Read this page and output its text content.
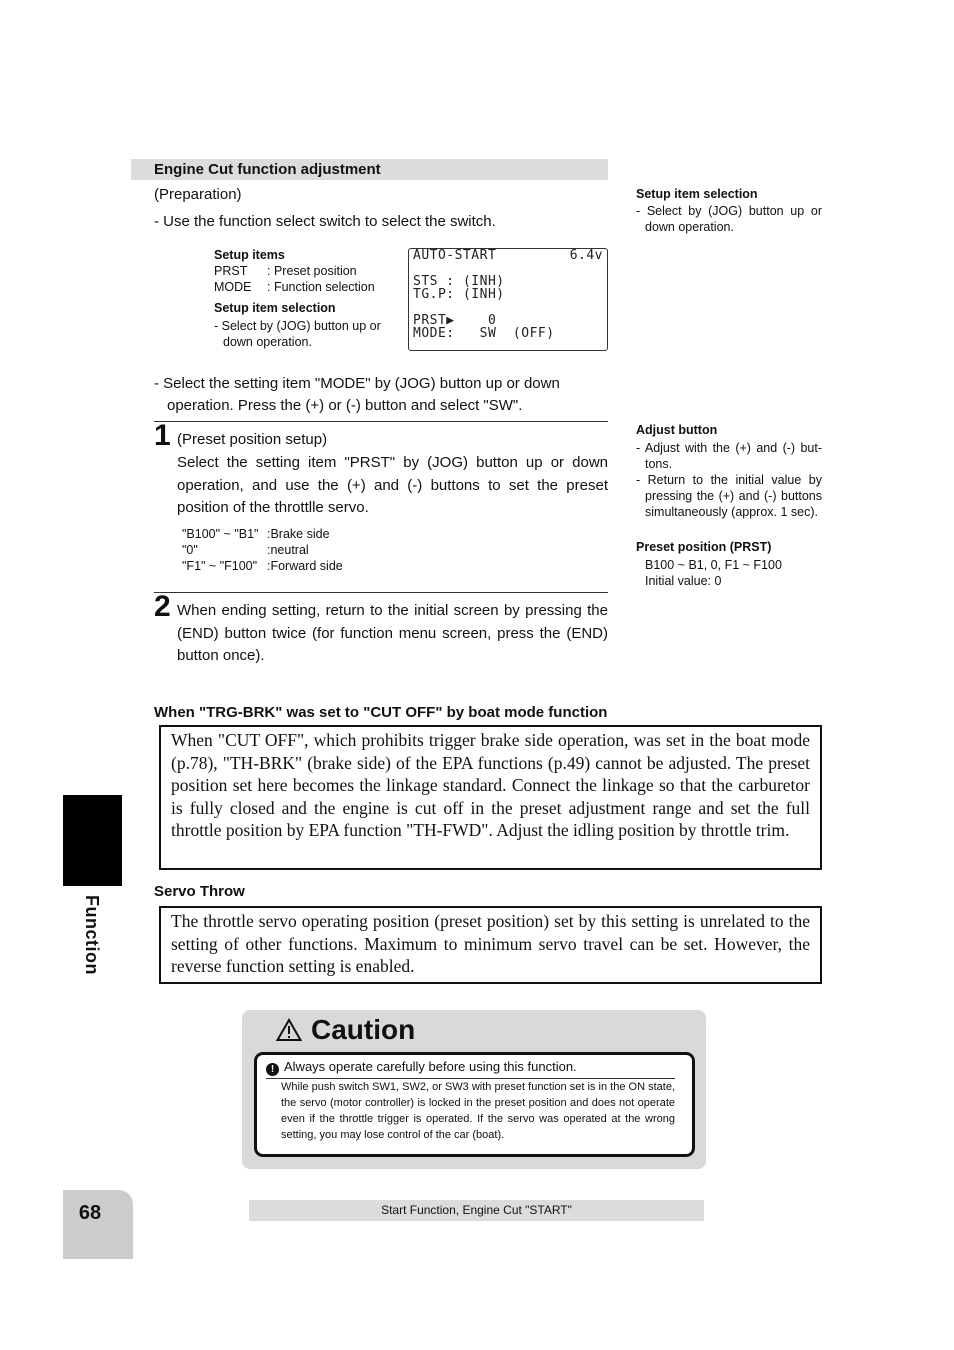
Engine Cut function adjustment
(Preparation)
- Use the function select switch to select the switch.
Setup items
PRST : Preset position
MODE : Function selection
Setup item selection
- Select by (JOG) button up or
down operation.
AUTO-START	6.4v
STS : (INH)
TG.P: (INH)
PRST▶    0
MODE:   SW  (OFF)
- Select the setting item "MODE" by (JOG) button up or down
operation. Press the (+) or (-) button and select "SW".
1 (Preset position setup)
Select the setting item "PRST" by (JOG) button up or down operation, and use the (+) and (-) buttons to set the preset position of the throttlle servo.
"B100" ~ "B1" :Brake side
"0"	:neutral
"F1" ~ "F100" :Forward side
2 When ending setting, return to the initial screen by pressing the (END) button twice (for function menu screen, press the (END) button once).
Setup item selection
- Select by (JOG) button up or
down operation.
Adjust button
- Adjust with the (+) and (-) but-
tons.
- Return to the initial value by
pressing the (+) and (-) buttons
simultaneously (approx. 1 sec).
Preset position (PRST)
B100 ~ B1, 0, F1 ~ F100
Initial value: 0
When "TRG-BRK" was set to "CUT OFF" by boat mode function
When "CUT OFF", which prohibits trigger brake side operation, was set in the boat mode (p.78), "TH-BRK" (brake side) of the EPA functions (p.49) cannot be adjusted. The preset position set here becomes the linkage standard. Connect the linkage so that the carburetor is fully closed and the engine is cut off in the preset adjustment range and set the full throttle position by EPA function "TH-FWD". Adjust the idling position by throttle trim.
Servo Throw
The throttle servo operating position (preset position) set by this setting is unrelated to the setting of other functions. Maximum to minimum servo travel can be set. However, the reverse function setting is enabled.
Function
Caution
! Always operate carefully before using this function.
While push switch SW1, SW2, or SW3 with preset function set is in the ON state, the servo (motor controller) is locked in the preset position and does not operate even if the throttle trigger is operated. If the servo was operated at the wrong setting, you may lose control of the car (boat).
68	Start Function, Engine Cut "START"
